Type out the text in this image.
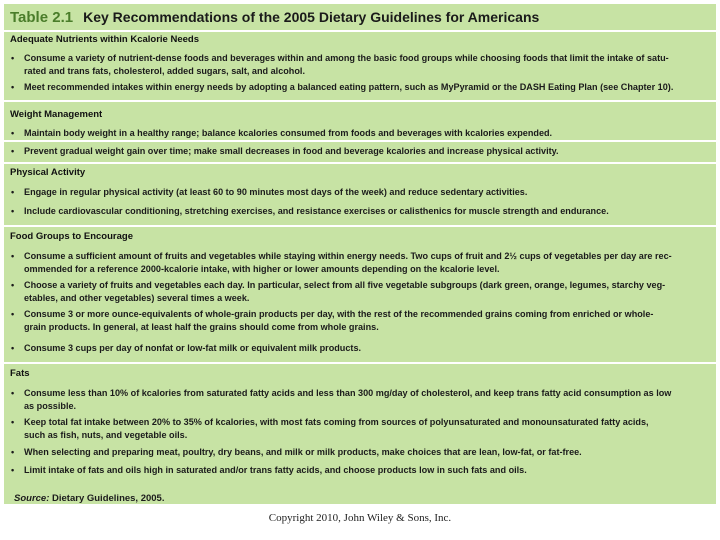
Table 2.1 Key Recommendations of the 2005 Dietary Guidelines for Americans
Adequate Nutrients within Kcalorie Needs
• Consume a variety of nutrient-dense foods and beverages within and among the basic food groups while choosing foods that limit the intake of satu-
rated and trans fats, cholesterol, added sugars, salt, and alcohol.
• Meet recommended intakes within energy needs by adopting a balanced eating pattern, such as MyPyramid or the DASH Eating Plan (see Chapter 10).
Weight Management
• Maintain body weight in a healthy range; balance kcalories consumed from foods and beverages with kcalories expended.
• Prevent gradual weight gain over time; make small decreases in food and beverage kcalories and increase physical activity.
Physical Activity
• Engage in regular physical activity (at least 60 to 90 minutes most days of the week) and reduce sedentary activities.
• Include cardiovascular conditioning, stretching exercises, and resistance exercises or calisthenics for muscle strength and endurance.
Food Groups to Encourage
• Consume a sufficient amount of fruits and vegetables while staying within energy needs. Two cups of fruit and 2½ cups of vegetables per day are rec-
ommended for a reference 2000-kcalorie intake, with higher or lower amounts depending on the kcalorie level.
• Choose a variety of fruits and vegetables each day. In particular, select from all five vegetable subgroups (dark green, orange, legumes, starchy veg-
etables, and other vegetables) several times a week.
• Consume 3 or more ounce-equivalents of whole-grain products per day, with the rest of the recommended grains coming from enriched or whole-
grain products. In general, at least half the grains should come from whole grains.
• Consume 3 cups per day of nonfat or low-fat milk or equivalent milk products.
Fats
• Consume less than 10% of kcalories from saturated fatty acids and less than 300 mg/day of cholesterol, and keep trans fatty acid consumption as low
as possible.
• Keep total fat intake between 20% to 35% of kcalories, with most fats coming from sources of polyunsaturated and monounsaturated fatty acids,
such as fish, nuts, and vegetable oils.
• When selecting and preparing meat, poultry, dry beans, and milk or milk products, make choices that are lean, low-fat, or fat-free.
• Limit intake of fats and oils high in saturated and/or trans fatty acids, and choose products low in such fats and oils.
Source: Dietary Guidelines, 2005.
Copyright 2010, John Wiley & Sons, Inc.
